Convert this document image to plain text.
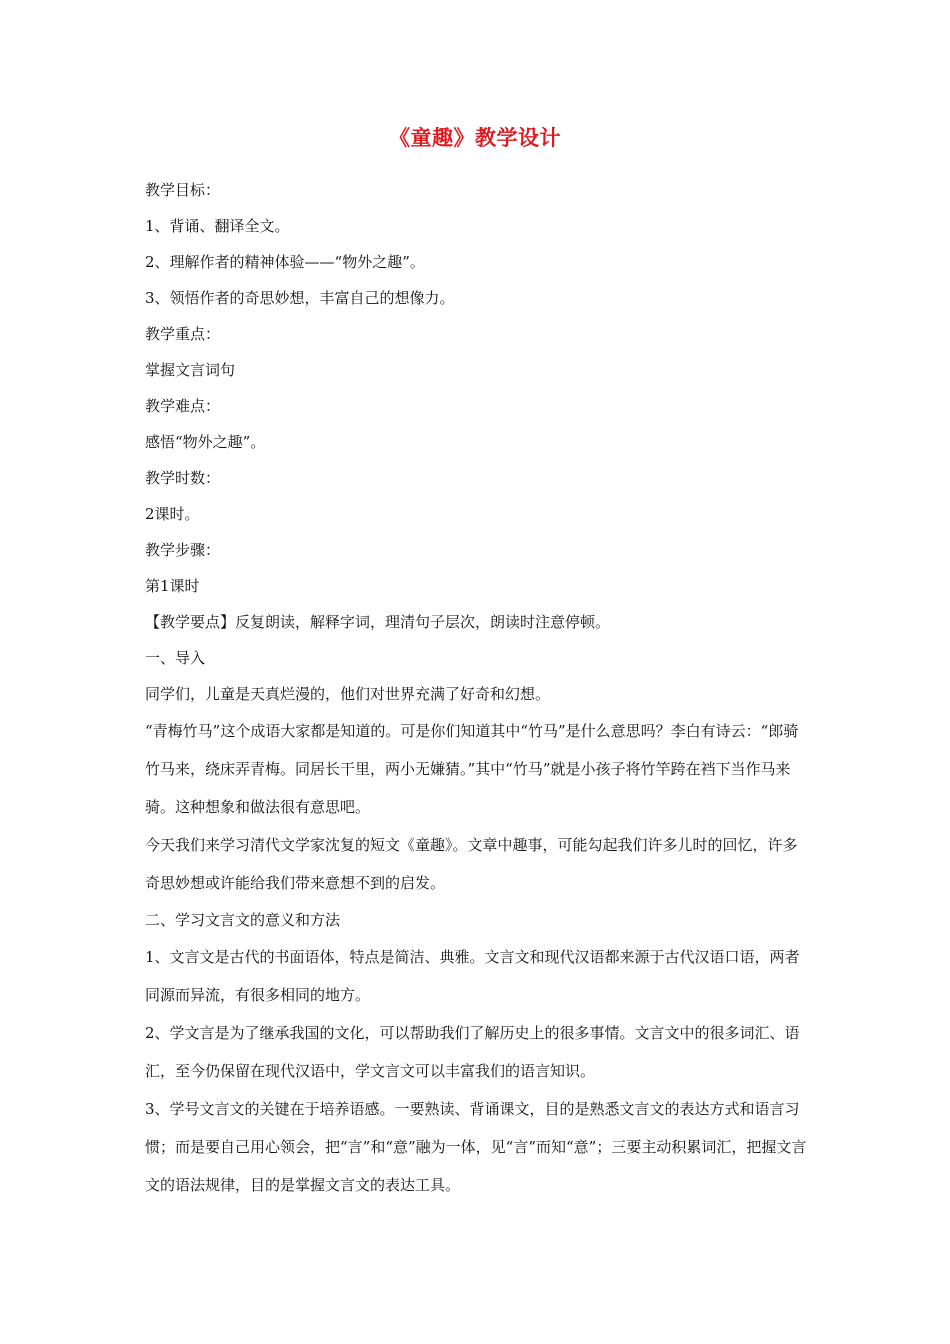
《童趣》教学设计

教学目标：

1、背诵、翻译全文。

2、理解作者的精神体验——“物外之趣”。

3、领悟作者的奇思妙想，丰富自己的想像力。

教学重点：

掌握文言词句

教学难点：

感悟“物外之趣”。

教学时数：

2课时。

教学步骤：

第1课时

【教学要点】反复朗读，解释字词，理清句子层次，朗读时注意停顿。

一、导入

同学们，儿童是天真烂漫的，他们对世界充满了好奇和幻想。

“青梅竹马”这个成语大家都是知道的。可是你们知道其中“竹马”是什么意思吗？李白有诗云：“郎骑竹马来，绕床弄青梅。同居长干里，两小无嫌猜。”其中“竹马”就是小孩子将竹竿跨在裆下当作马来骑。这种想象和做法很有意思吧。

今天我们来学习清代文学家沈复的短文《童趣》。文章中趣事，可能勾起我们许多儿时的回忆，许多奇思妙想或许能给我们带来意想不到的启发。

二、学习文言文的意义和方法

1、文言文是古代的书面语体，特点是简洁、典雅。文言文和现代汉语都来源于古代汉语口语，两者同源而异流，有很多相同的地方。

2、学文言是为了继承我国的文化，可以帮助我们了解历史上的很多事情。文言文中的很多词汇、语汇，至今仍保留在现代汉语中，学文言文可以丰富我们的语言知识。

3、学号文言文的关键在于培养语感。一要熟读、背诵课文，目的是熟悉文言文的表达方式和语言习惯；而是要自己用心领会，把“言”和“意”融为一体，见“言”而知“意”；三要主动积累词汇，把握文言文的语法规律，目的是掌握文言文的表达工具。
